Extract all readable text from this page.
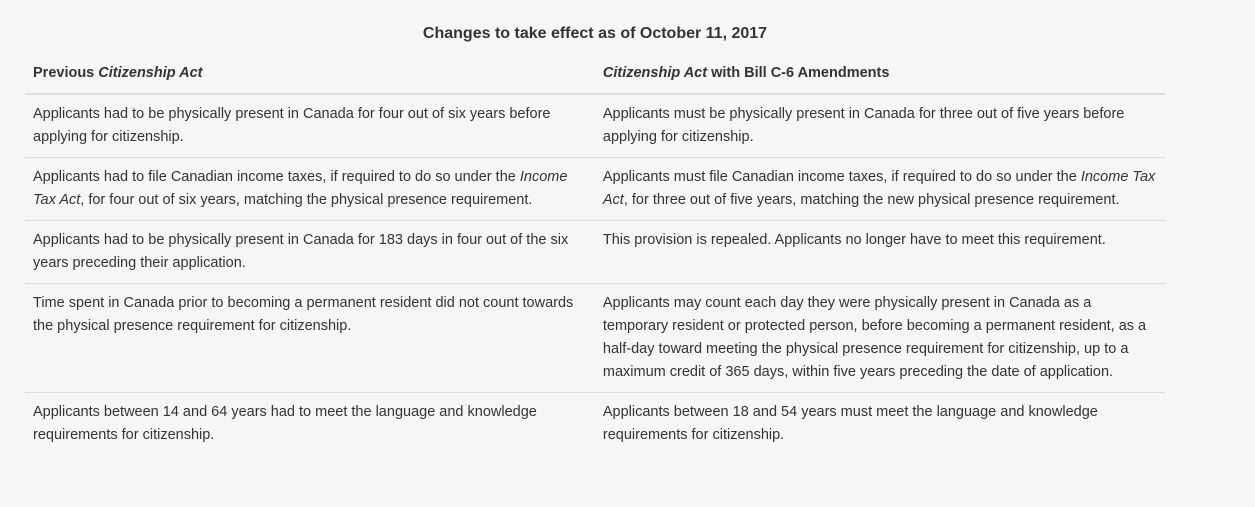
Changes to take effect as of October 11, 2017
Previous Citizenship Act	Citizenship Act with Bill C-6 Amendments
Applicants had to be physically present in Canada for four out of six years before applying for citizenship.	Applicants must be physically present in Canada for three out of five years before applying for citizenship.
Applicants had to file Canadian income taxes, if required to do so under the Income Tax Act, for four out of six years, matching the physical presence requirement.	Applicants must file Canadian income taxes, if required to do so under the Income Tax Act, for three out of five years, matching the new physical presence requirement.
Applicants had to be physically present in Canada for 183 days in four out of the six years preceding their application.	This provision is repealed. Applicants no longer have to meet this requirement.
Time spent in Canada prior to becoming a permanent resident did not count towards the physical presence requirement for citizenship.	Applicants may count each day they were physically present in Canada as a temporary resident or protected person, before becoming a permanent resident, as a half-day toward meeting the physical presence requirement for citizenship, up to a maximum credit of 365 days, within five years preceding the date of application.
Applicants between 14 and 64 years had to meet the language and knowledge requirements for citizenship.	Applicants between 18 and 54 years must meet the language and knowledge requirements for citizenship.
